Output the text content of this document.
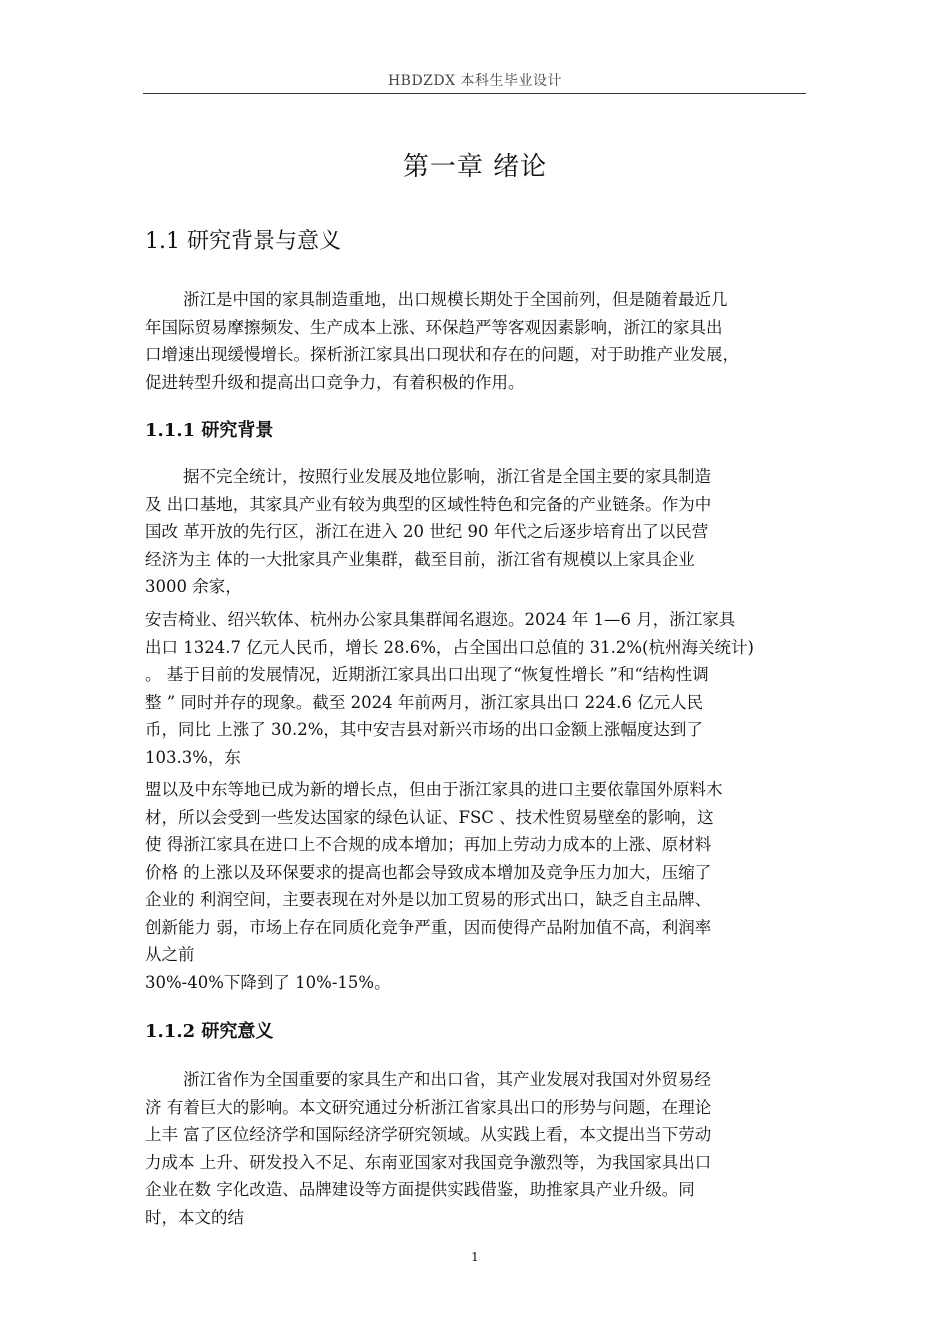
HBDZDX 本科生毕业设计
第一章 绪论
1.1 研究背景与意义
浙江是中国的家具制造重地，出口规模长期处于全国前列，但是随着最近几
年国际贸易摩擦频发、生产成本上涨、环保趋严等客观因素影响，浙江的家具出
口增速出现缓慢增长。探析浙江家具出口现状和存在的问题，对于助推产业发展，
促进转型升级和提高出口竞争力，有着积极的作用。
1.1.1 研究背景
据不完全统计，按照行业发展及地位影响，浙江省是全国主要的家具制造
及 出口基地，其家具产业有较为典型的区域性特色和完备的产业链条。作为中
国改 革开放的先行区，浙江在进入 20 世纪 90 年代之后逐步培育出了以民营
经济为主 体的一大批家具产业集群，截至目前，浙江省有规模以上家具企业
3000 余家，
安吉椅业、绍兴软体、杭州办公家具集群闻名遐迩。2024 年 1—6 月，浙江家具
出口 1324.7 亿元人民币，增长 28.6%，占全国出口总值的 31.2%(杭州海关统计)
。 基于目前的发展情况，近期浙江家具出口出现了“恢复性增长 ”和“结构性调
整 ” 同时并存的现象。截至 2024 年前两月，浙江家具出口 224.6 亿元人民
币，同比 上涨了 30.2%，其中安吉县对新兴市场的出口金额上涨幅度达到了
103.3%，东
盟以及中东等地已成为新的增长点，但由于浙江家具的进口主要依靠国外原料木
材，所以会受到一些发达国家的绿色认证、FSC 、技术性贸易壁垒的影响，这
使 得浙江家具在进口上不合规的成本增加；再加上劳动力成本的上涨、原材料
价格 的上涨以及环保要求的提高也都会导致成本增加及竞争压力加大，压缩了
企业的 利润空间，主要表现在对外是以加工贸易的形式出口，缺乏自主品牌、
创新能力 弱，市场上存在同质化竞争严重，因而使得产品附加值不高，利润率
从之前
30%-40%下降到了 10%-15%。
1.1.2 研究意义
浙江省作为全国重要的家具生产和出口省，其产业发展对我国对外贸易经
济 有着巨大的影响。本文研究通过分析浙江省家具出口的形势与问题，在理论
上丰 富了区位经济学和国际经济学研究领域。从实践上看，本文提出当下劳动
力成本 上升、研发投入不足、东南亚国家对我国竞争激烈等，为我国家具出口
企业在数 字化改造、品牌建设等方面提供实践借鉴，助推家具产业升级。同
时，本文的结
1
